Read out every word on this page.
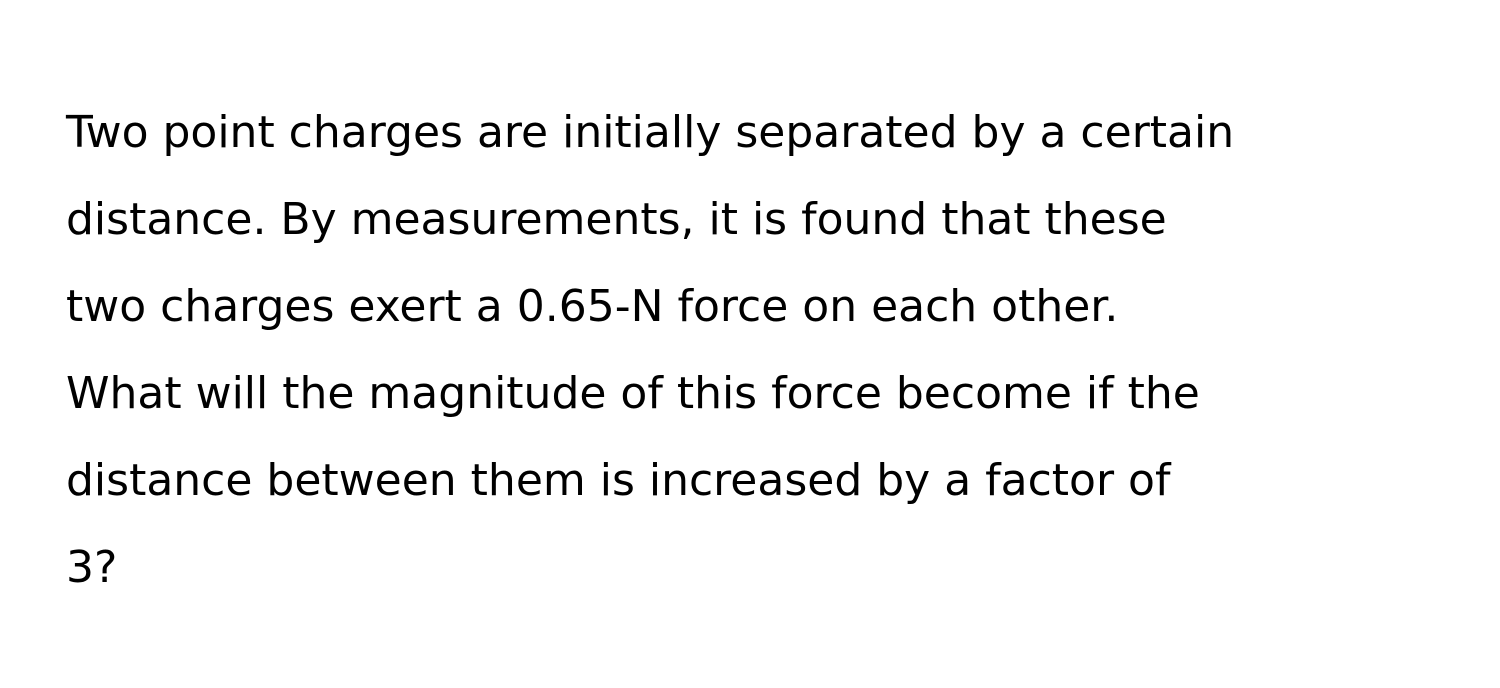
Two point charges are initially separated by a certain
distance. By measurements, it is found that these
two charges exert a 0.65-N force on each other.
What will the magnitude of this force become if the
distance between them is increased by a factor of
3?
